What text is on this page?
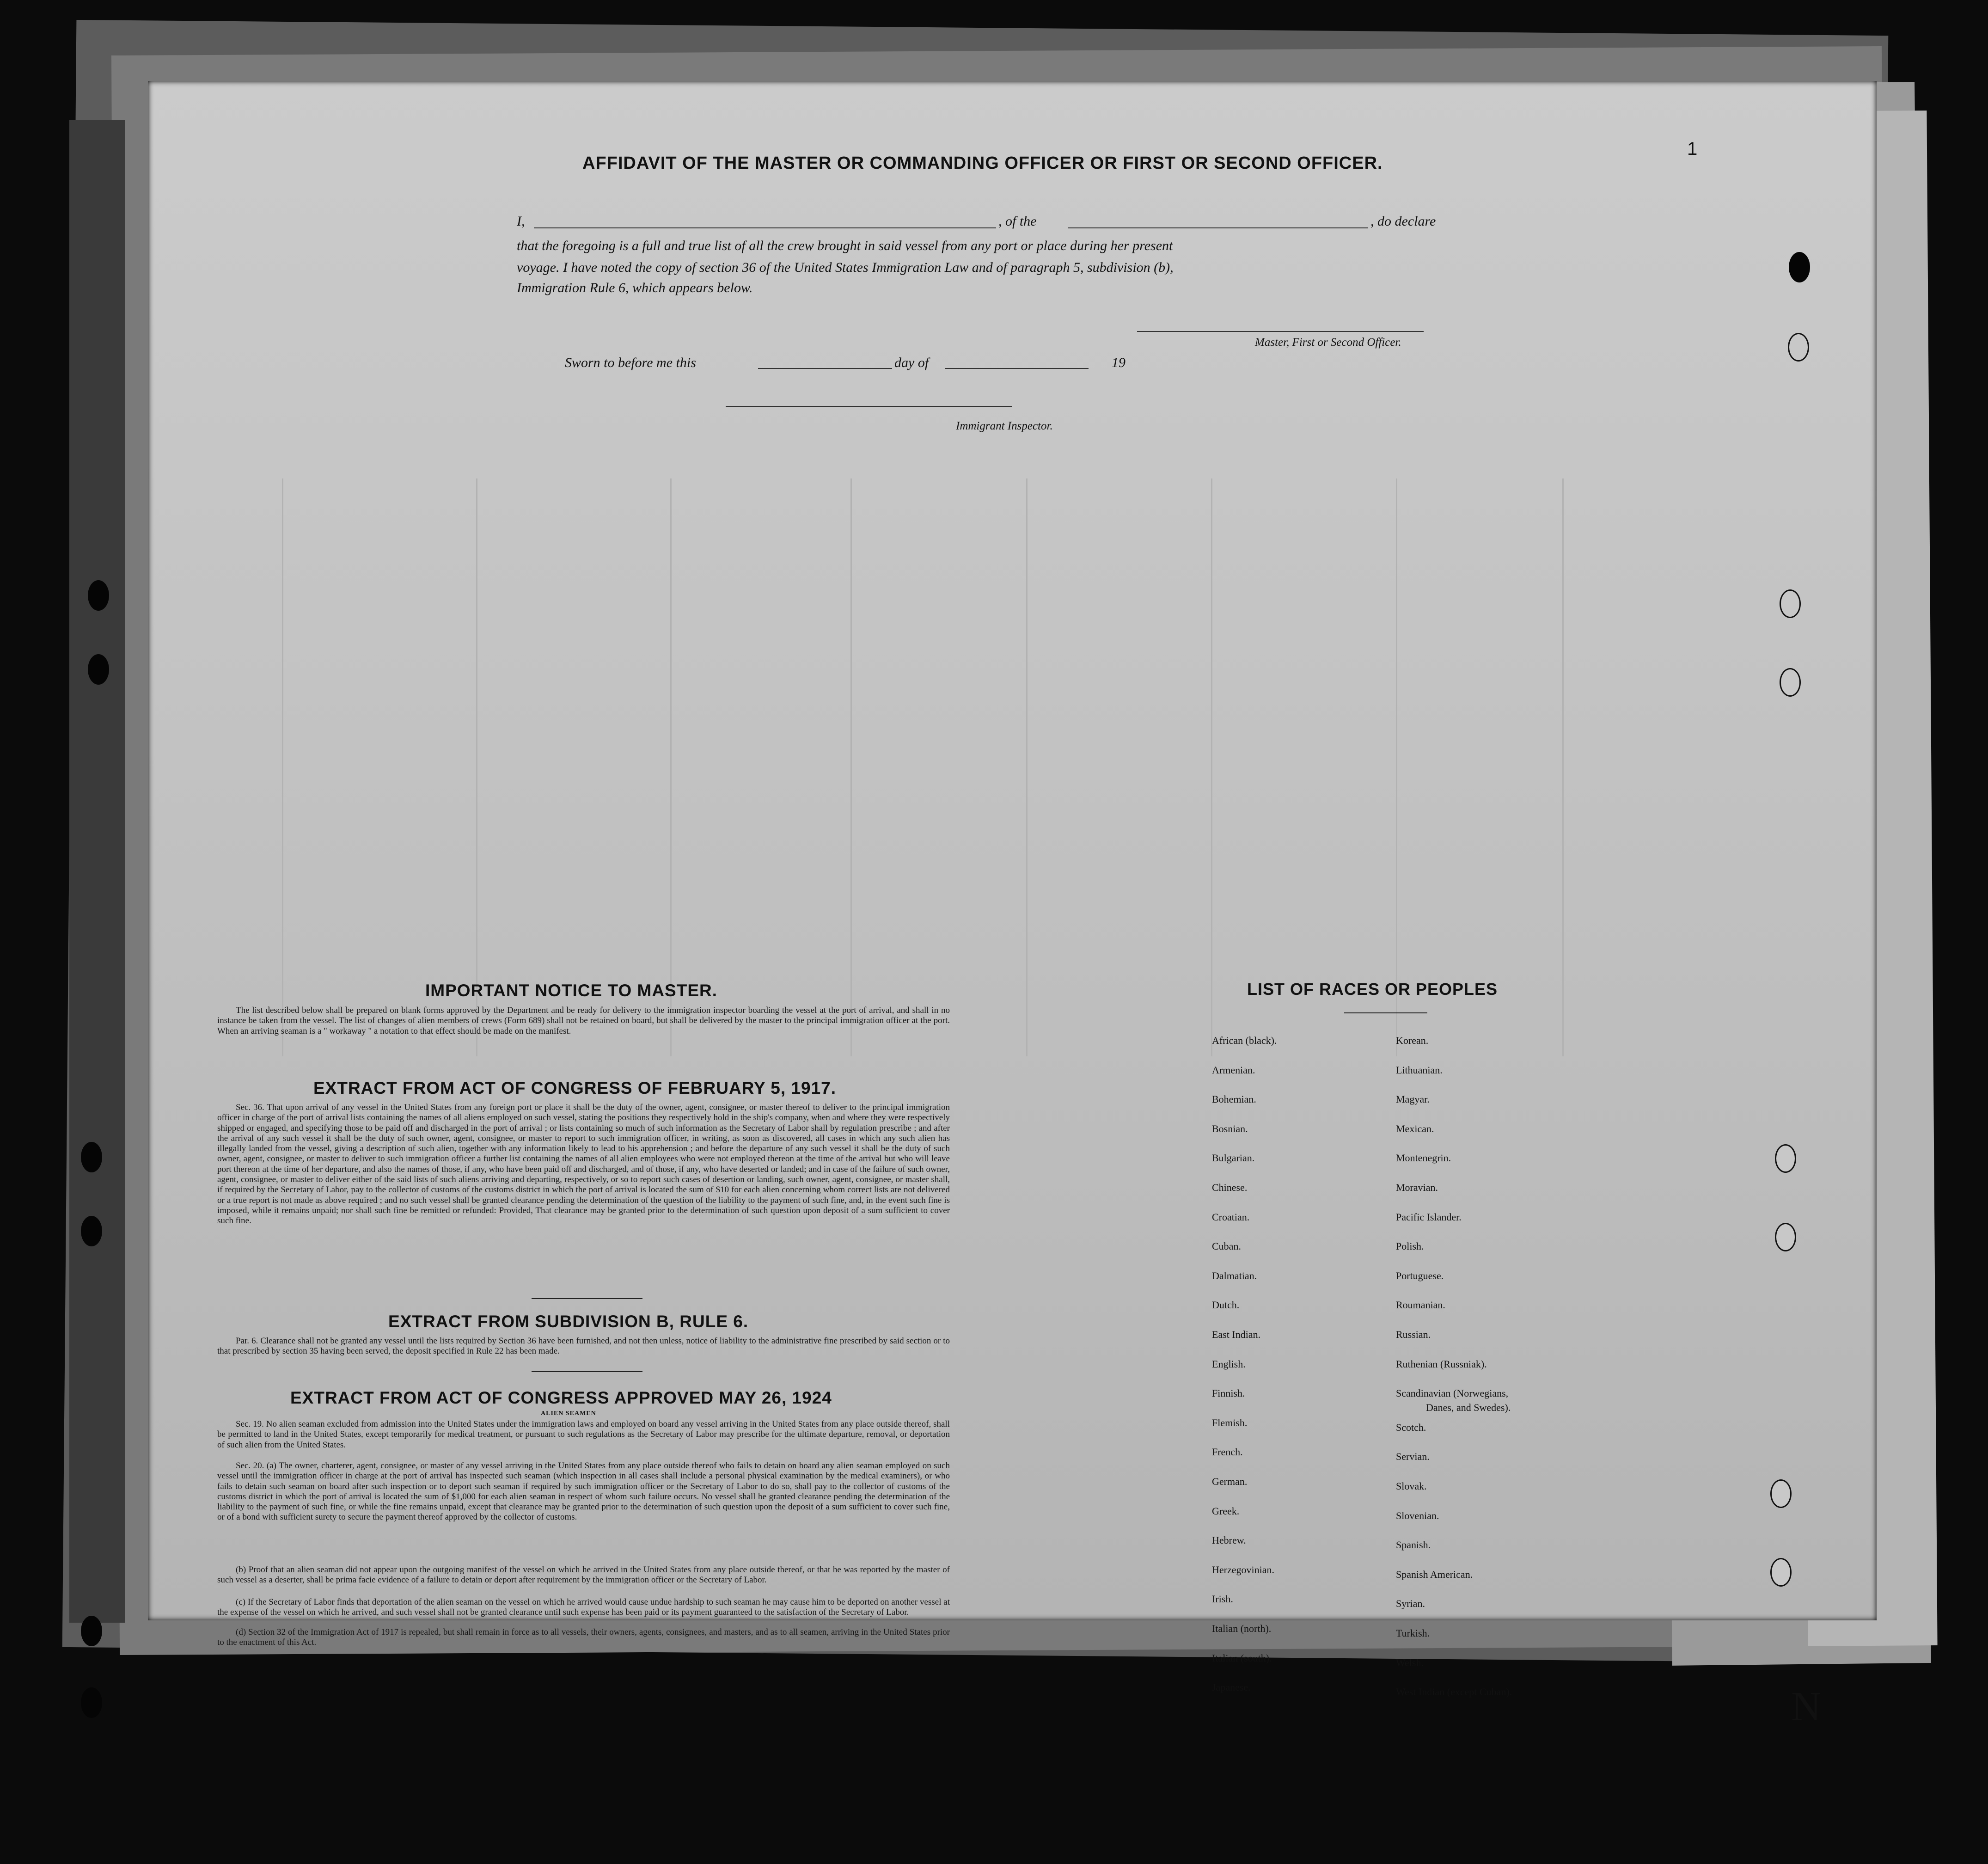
AFFIDAVIT OF THE MASTER OR COMMANDING OFFICER OR FIRST OR SECOND OFFICER.
I,	, of the	, do declare
that the foregoing is a full and true list of all the crew brought in said vessel from any port or place during her present
voyage. I have noted the copy of section 36 of the United States Immigration Law and of paragraph 5, subdivision (b),
Immigration Rule 6, which appears below.
Master, First or Second Officer.
Sworn to before me this	day of	19
Immigrant Inspector.
IMPORTANT NOTICE TO MASTER.
The list described below shall be prepared on blank forms approved by the Department and be ready for delivery to the immigration inspector boarding the vessel at the port of arrival, and shall in no instance be taken from the vessel. The list of changes of alien members of crews (Form 689) shall not be retained on board, but shall be delivered by the master to the principal immigration officer at the port. When an arriving seaman is a " workaway " a notation to that effect should be made on the manifest.
EXTRACT FROM ACT OF CONGRESS OF FEBRUARY 5, 1917.
Sec. 36. That upon arrival of any vessel in the United States from any foreign port or place it shall be the duty of the owner, agent, consignee, or master thereof to deliver to the principal immigration officer in charge of the port of arrival lists containing the names of all aliens employed on such vessel, stating the positions they respectively hold in the ship's company, when and where they were respectively shipped or engaged, and specifying those to be paid off and discharged in the port of arrival ; or lists containing so much of such information as the Secretary of Labor shall by regulation prescribe ; and after the arrival of any such vessel it shall be the duty of such owner, agent, consignee, or master to report to such immigration officer, in writing, as soon as discovered, all cases in which any such alien has illegally landed from the vessel, giving a description of such alien, together with any information likely to lead to his apprehension ; and before the departure of any such vessel it shall be the duty of such owner, agent, consignee, or master to deliver to such immigration officer a further list containing the names of all alien employees who were not employed thereon at the time of the arrival but who will leave port thereon at the time of her departure, and also the names of those, if any, who have been paid off and discharged, and of those, if any, who have deserted or landed; and in case of the failure of such owner, agent, consignee, or master to deliver either of the said lists of such aliens arriving and departing, respectively, or so to report such cases of desertion or landing, such owner, agent, consignee, or master shall, if required by the Secretary of Labor, pay to the collector of customs of the customs district in which the port of arrival is located the sum of $10 for each alien concerning whom correct lists are not delivered or a true report is not made as above required ; and no such vessel shall be granted clearance pending the determination of the question of the liability to the payment of such fine, and, in the event such fine is imposed, while it remains unpaid; nor shall such fine be remitted or refunded: Provided, That clearance may be granted prior to the determination of such question upon deposit of a sum sufficient to cover such fine.
EXTRACT FROM SUBDIVISION B, RULE 6.
Par. 6. Clearance shall not be granted any vessel until the lists required by Section 36 have been furnished, and not then unless, notice of liability to the administrative fine prescribed by said section or to that prescribed by section 35 having been served, the deposit specified in Rule 22 has been made.
EXTRACT FROM ACT OF CONGRESS APPROVED MAY 26, 1924
ALIEN SEAMEN
Sec. 19. No alien seaman excluded from admission into the United States under the immigration laws and employed on board any vessel arriving in the United States from any place outside thereof, shall be permitted to land in the United States, except temporarily for medical treatment, or pursuant to such regulations as the Secretary of Labor may prescribe for the ultimate departure, removal, or deportation of such alien from the United States.
Sec. 20. (a) The owner, charterer, agent, consignee, or master of any vessel arriving in the United States from any place outside thereof who fails to detain on board any alien seaman employed on such vessel until the immigration officer in charge at the port of arrival has inspected such seaman (which inspection in all cases shall include a personal physical examination by the medical examiners), or who fails to detain such seaman on board after such inspection or to deport such seaman if required by such immigration officer or the Secretary of Labor to do so, shall pay to the collector of customs of the customs district in which the port of arrival is located the sum of $1,000 for each alien seaman in respect of whom such failure occurs. No vessel shall be granted clearance pending the determination of the liability to the payment of such fine, or while the fine remains unpaid, except that clearance may be granted prior to the determination of such question upon the deposit of a sum sufficient to cover such fine, or of a bond with sufficient surety to secure the payment thereof approved by the collector of customs.
(b) Proof that an alien seaman did not appear upon the outgoing manifest of the vessel on which he arrived in the United States from any place outside thereof, or that he was reported by the master of such vessel as a deserter, shall be prima facie evidence of a failure to detain or deport after requirement by the immigration officer or the Secretary of Labor.
(c) If the Secretary of Labor finds that deportation of the alien seaman on the vessel on which he arrived would cause undue hardship to such seaman he may cause him to be deported on another vessel at the expense of the vessel on which he arrived, and such vessel shall not be granted clearance until such expense has been paid or its payment guaranteed to the satisfaction of the Secretary of Labor.
(d) Section 32 of the Immigration Act of 1917 is repealed, but shall remain in force as to all vessels, their owners, agents, consignees, and masters, and as to all seamen, arriving in the United States prior to the enactment of this Act.
LIST OF RACES OR PEOPLES
African (black).
Armenian.
Bohemian.
Bosnian.
Bulgarian.
Chinese.
Croatian.
Cuban.
Dalmatian.
Dutch.
East Indian.
English.
Finnish.
Flemish.
French.
German.
Greek.
Hebrew.
Herzegovinian.
Irish.
Italian (north).
Italian (south).
Japanese.
Korean.
Lithuanian.
Magyar.
Mexican.
Montenegrin.
Moravian.
Pacific Islander.
Polish.
Portuguese.
Roumanian.
Russian.
Ruthenian (Russniak).
Scandinavian (Norwegians,
Scotch.
Servian.
Slovak.
Slovenian.
Spanish.
Spanish American.
Syrian.
Turkish.
Welsh.
West Indian (except Cuban).
Danes, and Swedes).
1
N
